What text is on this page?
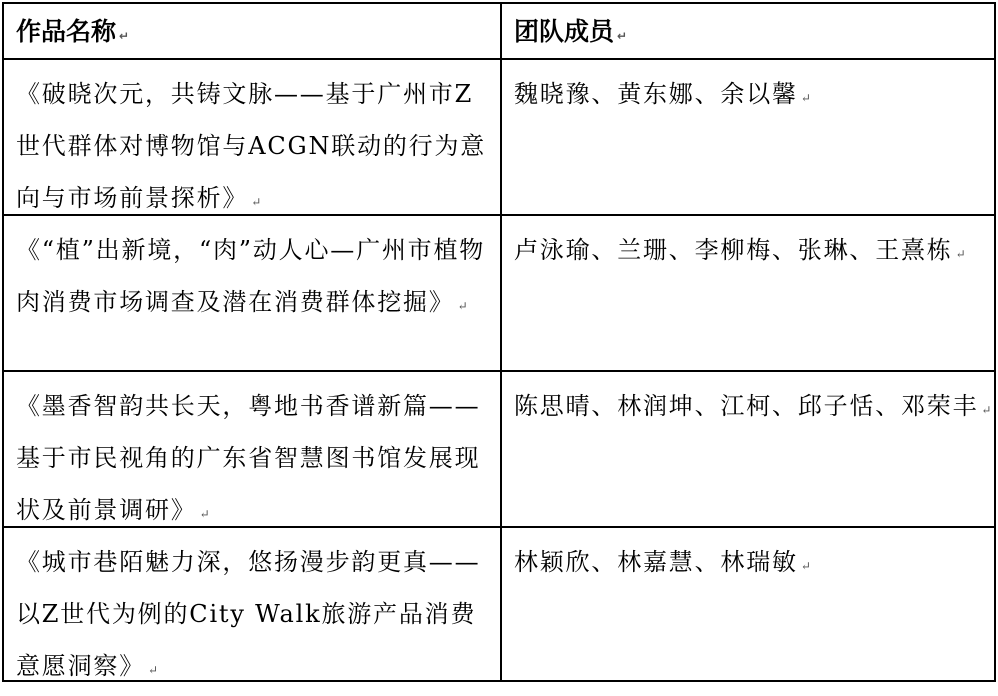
作品名称 ↵	团队成员 ↵
《破晓次元，共铸文脉——基于广州市Z世代群体对博物馆与ACGN联动的行为意向与市场前景探析》 ↵
魏晓豫、黄东娜、余以馨 ↵
《“植”出新境，“肉”动人心—广州市植物肉消费市场调查及潜在消费群体挖掘》 ↵
卢泳瑜、兰珊、李柳梅、张琳、王熹栋 ↵
《墨香智韵共长天，粤地书香谱新篇——基于市民视角的广东省智慧图书馆发展现状及前景调研》 ↵
陈思晴、林润坤、江柯、邱子恬、邓荣丰 ↵
《城市巷陌魅力深，悠扬漫步韵更真——以Z世代为例的City Walk旅游产品消费意愿洞察》 ↵
林颖欣、林嘉慧、林瑞敏 ↵
